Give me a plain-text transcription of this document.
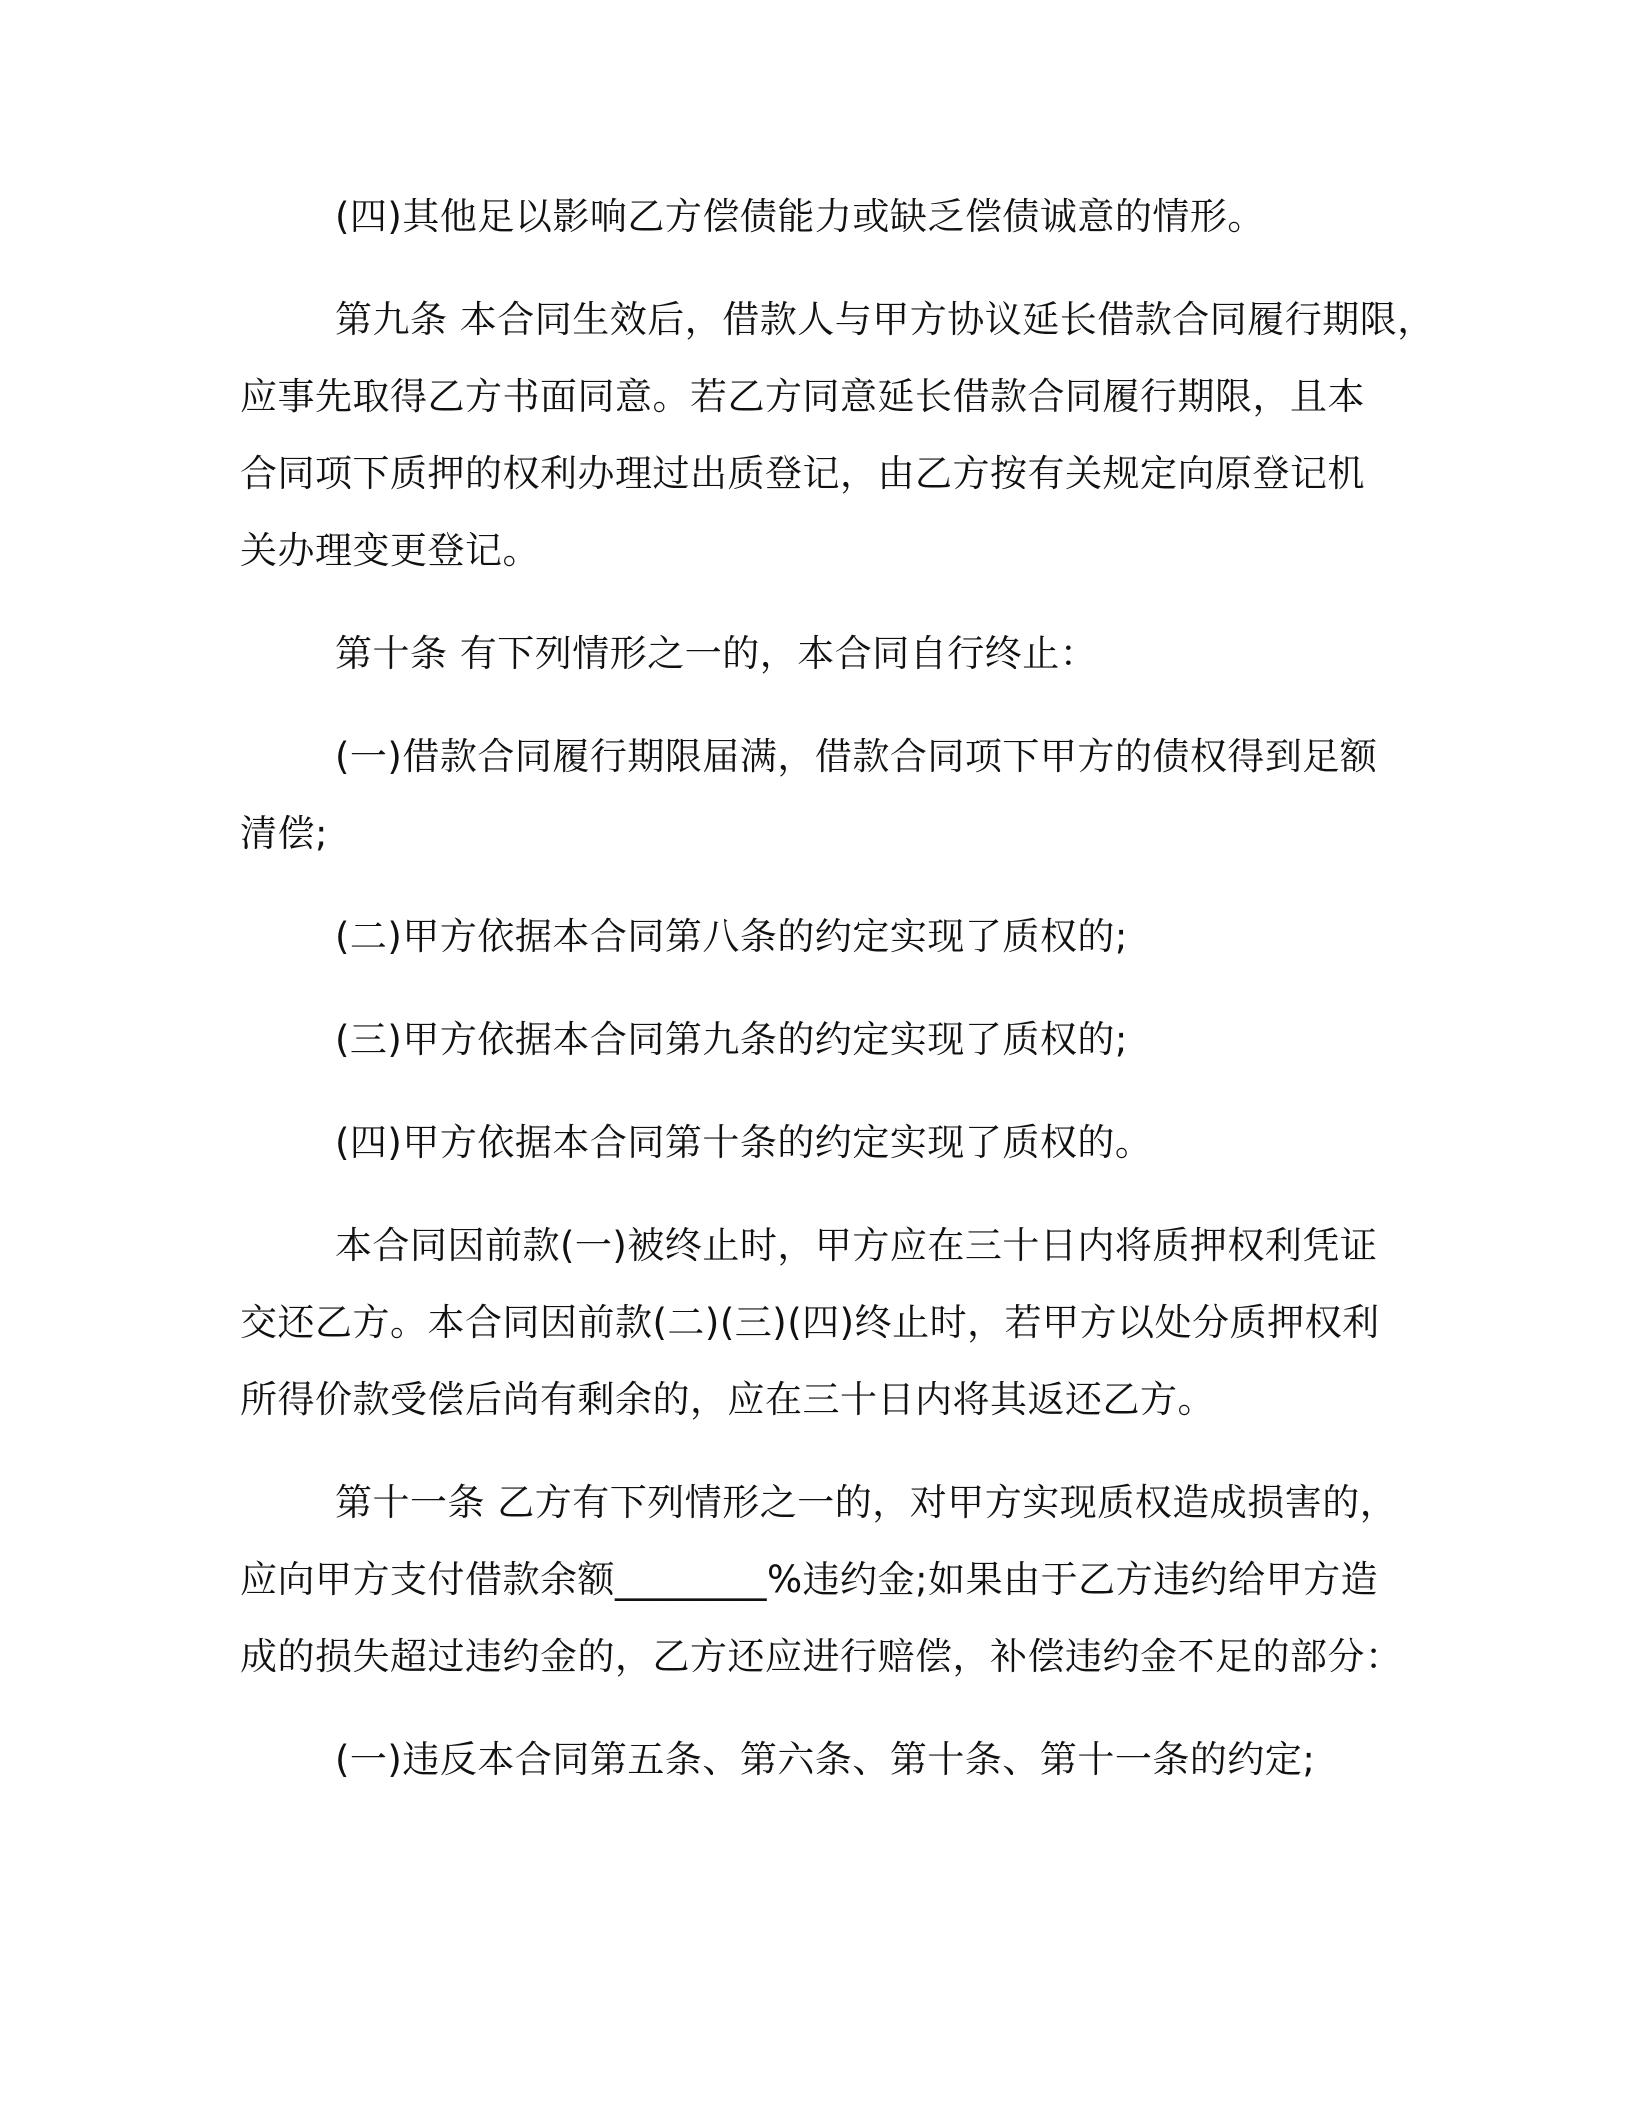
(四)其他足以影响乙方偿债能力或缺乏偿债诚意的情形。
第九条 本合同生效后，借款人与甲方协议延长借款合同履行期限，
应事先取得乙方书面同意。若乙方同意延长借款合同履行期限，且本
合同项下质押的权利办理过出质登记，由乙方按有关规定向原登记机
关办理变更登记。
第十条 有下列情形之一的，本合同自行终止：
(一)借款合同履行期限届满，借款合同项下甲方的债权得到足额
清偿;
(二)甲方依据本合同第八条的约定实现了质权的;
(三)甲方依据本合同第九条的约定实现了质权的;
(四)甲方依据本合同第十条的约定实现了质权的。
本合同因前款(一)被终止时，甲方应在三十日内将质押权利凭证
交还乙方。本合同因前款(二)(三)(四)终止时，若甲方以处分质押权利
所得价款受偿后尚有剩余的，应在三十日内将其返还乙方。
第十一条 乙方有下列情形之一的，对甲方实现质权造成损害的，
应向甲方支付借款余额________%违约金;如果由于乙方违约给甲方造
成的损失超过违约金的，乙方还应进行赔偿，补偿违约金不足的部分：
(一)违反本合同第五条、第六条、第十条、第十一条的约定;
